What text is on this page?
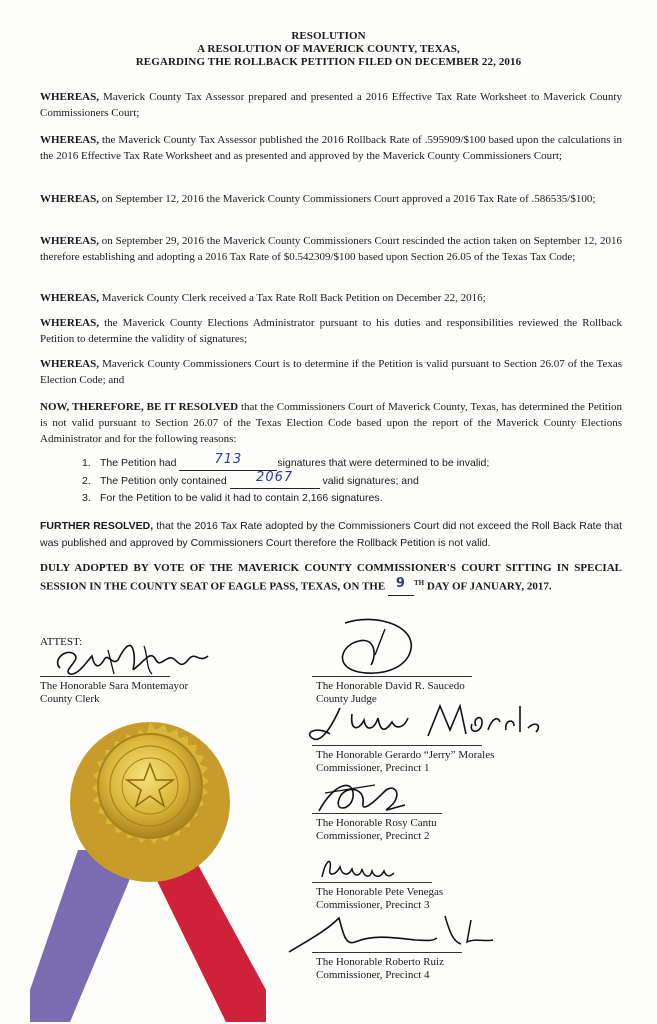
RESOLUTION
A RESOLUTION OF MAVERICK COUNTY, TEXAS,
REGARDING THE ROLLBACK PETITION FILED ON DECEMBER 22, 2016
WHEREAS, Maverick County Tax Assessor prepared and presented a 2016 Effective Tax Rate Worksheet to Maverick County Commissioners Court;
WHEREAS, the Maverick County Tax Assessor published the 2016 Rollback Rate of .595909/$100 based upon the calculations in the 2016 Effective Tax Rate Worksheet and as presented and approved by the Maverick County Commissioners Court;
WHEREAS, on September 12, 2016 the Maverick County Commissioners Court approved a 2016 Tax Rate of .586535/$100;
WHEREAS, on September 29, 2016 the Maverick County Commissioners Court rescinded the action taken on September 12, 2016 therefore establishing and adopting a 2016 Tax Rate of $0.542309/$100 based upon Section 26.05 of the Texas Tax Code;
WHEREAS, Maverick County Clerk received a Tax Rate Roll Back Petition on December 22, 2016;
WHEREAS, the Maverick County Elections Administrator pursuant to his duties and responsibilities reviewed the Rollback Petition to determine the validity of signatures;
WHEREAS, Maverick County Commissioners Court is to determine if the Petition is valid pursuant to Section 26.07 of the Texas Election Code; and
NOW, THEREFORE, BE IT RESOLVED that the Commissioners Court of Maverick County, Texas, has determined the Petition is not valid pursuant to Section 26.07 of the Texas Election Code based upon the report of the Maverick County Elections Administrator and for the following reasons:
1. The Petition had	713	signatures that were determined to be invalid;
2. The Petition only contained 2067	valid signatures; and
3. For the Petition to be valid it had to contain 2,166 signatures.
FURTHER RESOLVED, that the 2016 Tax Rate adopted by the Commissioners Court did not exceed the Roll Back Rate that was published and approved by Commissioners Court therefore the Rollback Petition is not valid.
DULY ADOPTED BY VOTE OF THE MAVERICK COUNTY COMMISSIONER'S COURT SITTING IN SPECIAL SESSION IN THE COUNTY SEAT OF EAGLE PASS, TEXAS, ON THE 9 $^{TH}$ DAY OF JANUARY, 2017.
ATTEST:
The Honorable Sara Montemayor
County Clerk
The Honorable David R. Saucedo
County Judge
The Honorable Gerardo “Jerry” Morales
Commissioner, Precinct 1
The Honorable Rosy Cantu
Commissioner, Precinct 2
The Honorable Pete Venegas
Commissioner, Precinct 3
The Honorable Roberto Ruiz
Commissioner, Precinct 4
